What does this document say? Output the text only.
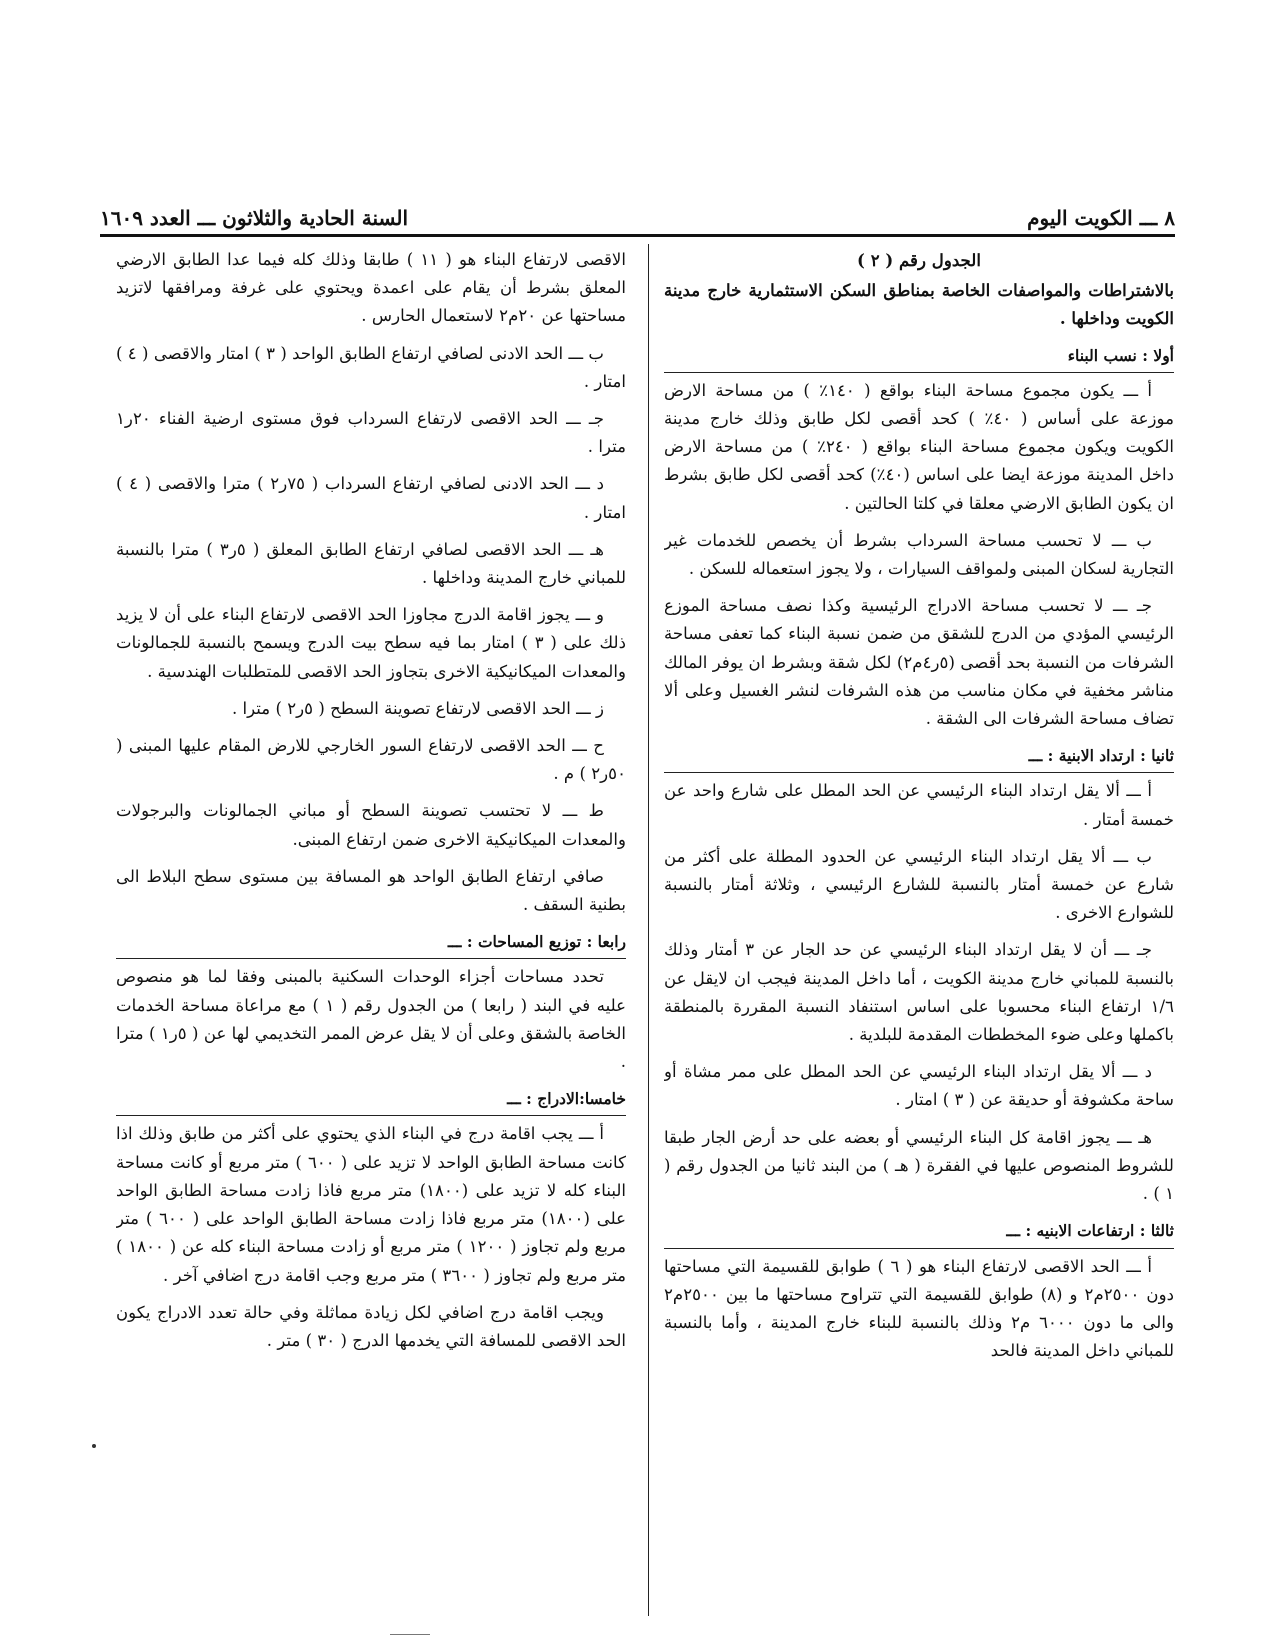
٨ ـــ الكويت اليوم
السنة الحادية والثلاثون ـــ العدد ١٦٠٩

الجدول رقم ( ٢ )

بالاشتراطات والمواصفات الخاصة بمناطق السكن الاستثمارية خارج مدينة الكويت وداخلها .

أولا : نسب البناء

أ ـــ يكون مجموع مساحة البناء بواقع ( ١٤٠٪ ) من مساحة الارض موزعة على أساس ( ٤٠٪ ) كحد أقصى لكل طابق وذلك خارج مدينة الكويت ويكون مجموع مساحة البناء بواقع ( ٢٤٠٪ ) من مساحة الارض داخل المدينة موزعة ايضا على اساس (٤٠٪) كحد أقصى لكل طابق بشرط ان يكون الطابق الارضي معلقا في كلتا الحالتين .

ب ـــ لا تحسب مساحة السرداب بشرط أن يخصص للخدمات غير التجارية لسكان المبنى ولمواقف السيارات ، ولا يجوز استعماله للسكن .

جـ ـــ لا تحسب مساحة الادراج الرئيسية وكذا نصف مساحة الموزع الرئيسي المؤدي من الدرج للشقق من ضمن نسبة البناء كما تعفى مساحة الشرفات من النسبة بحد أقصى (٥ر٤م٢) لكل شقة وبشرط ان يوفر المالك مناشر مخفية في مكان مناسب من هذه الشرفات لنشر الغسيل وعلى ألا تضاف مساحة الشرفات الى الشقة .

ثانيا : ارتداد الابنية : ـــ

أ ـــ ألا يقل ارتداد البناء الرئيسي عن الحد المطل على شارع واحد عن خمسة أمتار .

ب ـــ ألا يقل ارتداد البناء الرئيسي عن الحدود المطلة على أكثر من شارع عن خمسة أمتار بالنسبة للشارع الرئيسي ، وثلاثة أمتار بالنسبة للشوارع الاخرى .

جـ ـــ أن لا يقل ارتداد البناء الرئيسي عن حد الجار عن ٣ أمتار وذلك بالنسبة للمباني خارج مدينة الكويت ، أما داخل المدينة فيجب ان لايقل عن ١/٦ ارتفاع البناء محسوبا على اساس استنفاد النسبة المقررة بالمنطقة باكملها وعلى ضوء المخططات المقدمة للبلدية .

د ـــ ألا يقل ارتداد البناء الرئيسي عن الحد المطل على ممر مشاة أو ساحة مكشوفة أو حديقة عن ( ٣ ) امتار .

هـ ـــ يجوز اقامة كل البناء الرئيسي أو بعضه على حد أرض الجار طبقا للشروط المنصوص عليها في الفقرة ( هـ ) من البند ثانيا من الجدول رقم ( ١ ) .

ثالثا : ارتفاعات الابنيه : ـــ

أ ـــ الحد الاقصى لارتفاع البناء هو ( ٦ ) طوابق للقسيمة التي مساحتها دون ٢٥٠٠م٢ و (٨) طوابق للقسيمة التي تتراوح مساحتها ما بين ٢٥٠٠م٢ والى ما دون ٦٠٠٠ م٢ وذلك بالنسبة للبناء خارج المدينة ، وأما بالنسبة للمباني داخل المدينة فالحد

الاقصى لارتفاع البناء هو ( ١١ ) طابقا وذلك كله فيما عدا الطابق الارضي المعلق بشرط أن يقام على اعمدة ويحتوي على غرفة ومرافقها لاتزيد مساحتها عن ٢٠م٢ لاستعمال الحارس .

ب ـــ الحد الادنى لصافي ارتفاع الطابق الواحد ( ٣ ) امتار والاقصى ( ٤ ) امتار .

جـ ـــ الحد الاقصى لارتفاع السرداب فوق مستوى ارضية الفناء ٢٠ر١ مترا .

د ـــ الحد الادنى لصافي ارتفاع السرداب ( ٧٥ر٢ ) مترا والاقصى ( ٤ ) امتار .

هـ ـــ الحد الاقصى لصافي ارتفاع الطابق المعلق ( ٥ر٣ ) مترا بالنسبة للمباني خارج المدينة وداخلها .

و ـــ يجوز اقامة الدرج مجاوزا الحد الاقصى لارتفاع البناء على أن لا يزيد ذلك على ( ٣ ) امتار بما فيه سطح بيت الدرج ويسمح بالنسبة للجمالونات والمعدات الميكانيكية الاخرى بتجاوز الحد الاقصى للمتطلبات الهندسية .

ز ـــ الحد الاقصى لارتفاع تصوينة السطح ( ٥ر٢ ) مترا .

ح ـــ الحد الاقصى لارتفاع السور الخارجي للارض المقام عليها المبنى ( ٥٠ر٢ ) م .

ط ـــ لا تحتسب تصوينة السطح أو مباني الجمالونات والبرجولات والمعدات الميكانيكية الاخرى ضمن ارتفاع المبنى.

صافي ارتفاع الطابق الواحد هو المسافة بين مستوى سطح البلاط الى بطنية السقف .

رابعا : توزيع المساحات : ـــ

تحدد مساحات أجزاء الوحدات السكنية بالمبنى وفقا لما هو منصوص عليه في البند ( رابعا ) من الجدول رقم ( ١ ) مع مراعاة مساحة الخدمات الخاصة بالشقق وعلى أن لا يقل عرض الممر التخديمي لها عن ( ٥ر١ ) مترا .

خامسا:الادراج : ـــ

أ ـــ يجب اقامة درج في البناء الذي يحتوي على أكثر من طابق وذلك اذا كانت مساحة الطابق الواحد لا تزيد على ( ٦٠٠ ) متر مربع أو كانت مساحة البناء كله لا تزيد على (١٨٠٠) متر مربع فاذا زادت مساحة الطابق الواحد على (١٨٠٠) متر مربع فاذا زادت مساحة الطابق الواحد على ( ٦٠٠ ) متر مربع ولم تجاوز ( ١٢٠٠ ) متر مربع أو زادت مساحة البناء كله عن ( ١٨٠٠ ) متر مربع ولم تجاوز ( ٣٦٠٠ ) متر مربع وجب اقامة درج اضافي آخر .

ويجب اقامة درج اضافي لكل زيادة مماثلة وفي حالة تعدد الادراج يكون الحد الاقصى للمسافة التي يخدمها الدرج ( ٣٠ ) متر .
